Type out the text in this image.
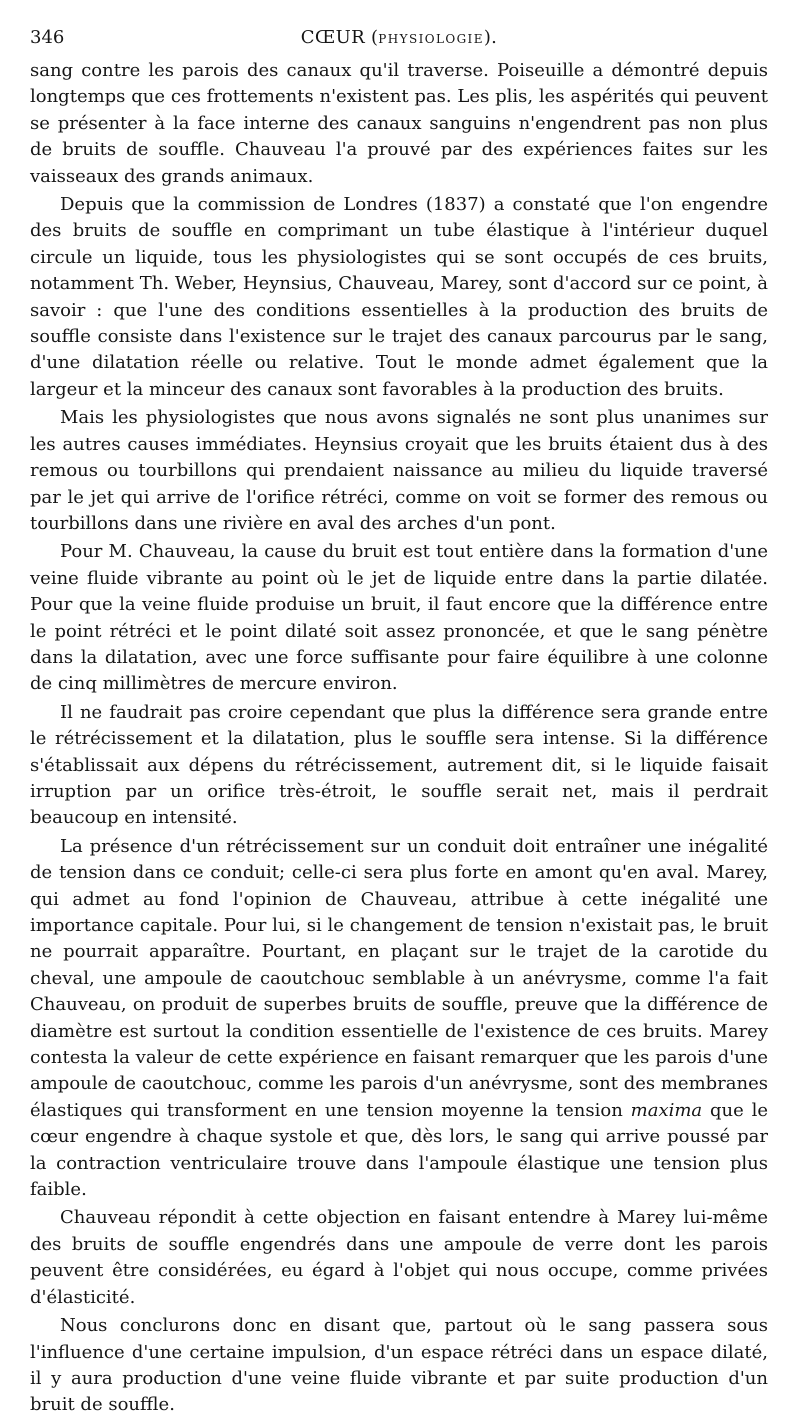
346	CŒUR (PHYSIOLOGIE).

sang contre les parois des canaux qu'il traverse. Poiseuille a démontré depuis longtemps que ces frottements n'existent pas. Les plis, les aspérités qui peuvent se présenter à la face interne des canaux sanguins n'engendrent pas non plus de bruits de souffle. Chauveau l'a prouvé par des expériences faites sur les vaisseaux des grands animaux.

Depuis que la commission de Londres (1837) a constaté que l'on engendre des bruits de souffle en comprimant un tube élastique à l'intérieur duquel circule un liquide, tous les physiologistes qui se sont occupés de ces bruits, notamment Th. Weber, Heynsius, Chauveau, Marey, sont d'accord sur ce point, à savoir : que l'une des conditions essentielles à la production des bruits de souffle consiste dans l'existence sur le trajet des canaux parcourus par le sang, d'une dilatation réelle ou relative. Tout le monde admet également que la largeur et la minceur des canaux sont favorables à la production des bruits.

Mais les physiologistes que nous avons signalés ne sont plus unanimes sur les autres causes immédiates. Heynsius croyait que les bruits étaient dus à des remous ou tourbillons qui prendaient naissance au milieu du liquide traversé par le jet qui arrive de l'orifice rétréci, comme on voit se former des remous ou tourbillons dans une rivière en aval des arches d'un pont.

Pour M. Chauveau, la cause du bruit est tout entière dans la formation d'une veine fluide vibrante au point où le jet de liquide entre dans la partie dilatée. Pour que la veine fluide produise un bruit, il faut encore que la différence entre le point rétréci et le point dilaté soit assez prononcée, et que le sang pénètre dans la dilatation, avec une force suffisante pour faire équilibre à une colonne de cinq millimètres de mercure environ.

Il ne faudrait pas croire cependant que plus la différence sera grande entre le rétrécissement et la dilatation, plus le souffle sera intense. Si la différence s'établissait aux dépens du rétrécissement, autrement dit, si le liquide faisait irruption par un orifice très-étroit, le souffle serait net, mais il perdrait beaucoup en intensité.

La présence d'un rétrécissement sur un conduit doit entraîner une inégalité de tension dans ce conduit; celle-ci sera plus forte en amont qu'en aval. Marey, qui admet au fond l'opinion de Chauveau, attribue à cette inégalité une importance capitale. Pour lui, si le changement de tension n'existait pas, le bruit ne pourrait apparaître. Pourtant, en plaçant sur le trajet de la carotide du cheval, une ampoule de caoutchouc semblable à un anévrysme, comme l'a fait Chauveau, on produit de superbes bruits de souffle, preuve que la différence de diamètre est surtout la condition essentielle de l'existence de ces bruits. Marey contesta la valeur de cette expérience en faisant remarquer que les parois d'une ampoule de caoutchouc, comme les parois d'un anévrysme, sont des membranes élastiques qui transforment en une tension moyenne la tension maxima que le cœur engendre à chaque systole et que, dès lors, le sang qui arrive poussé par la contraction ventriculaire trouve dans l'ampoule élastique une tension plus faible.

Chauveau répondit à cette objection en faisant entendre à Marey lui-même des bruits de souffle engendrés dans une ampoule de verre dont les parois peuvent être considérées, eu égard à l'objet qui nous occupe, comme privées d'élasticité.

Nous conclurons donc en disant que, partout où le sang passera sous l'influence d'une certaine impulsion, d'un espace rétréci dans un espace dilaté, il y aura production d'une veine fluide vibrante et par suite production d'un bruit de souffle.
